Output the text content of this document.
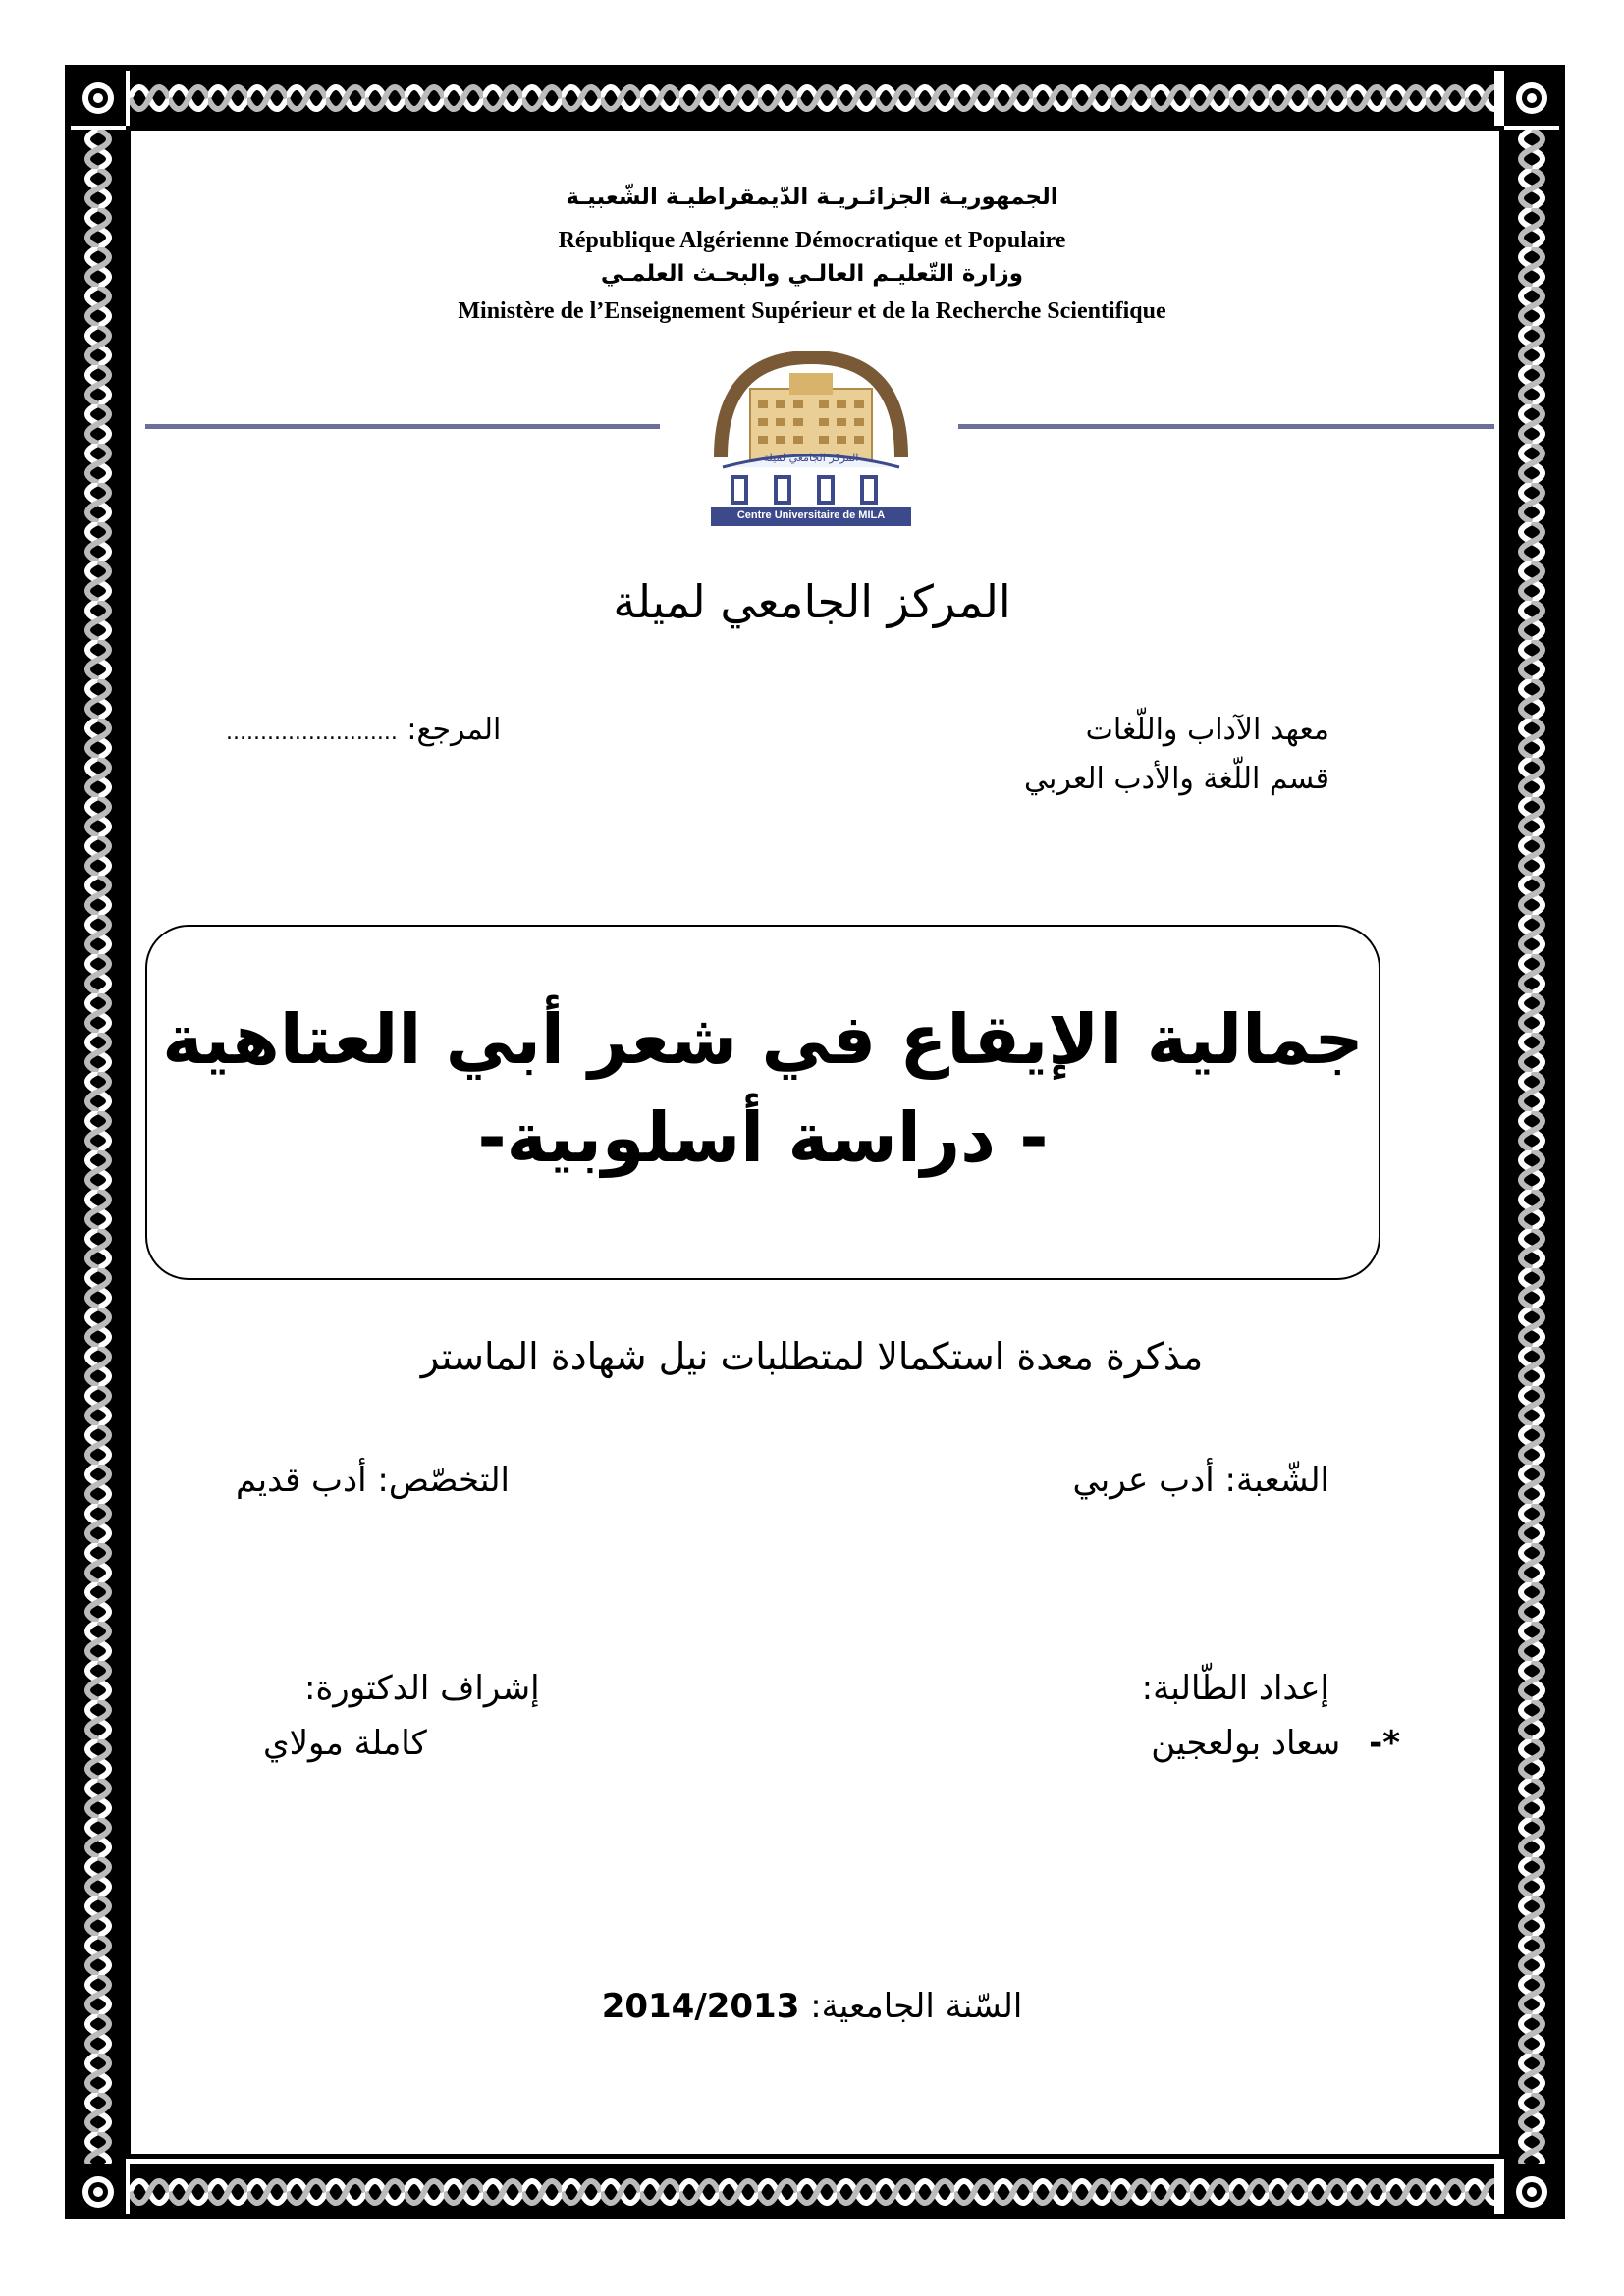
الجمهوريـة الجزائـريـة الدّيمقراطيـة الشّعبيـة
République Algérienne Démocratique et Populaire
وزارة التّعليـم العالـي والبحـث العلمـي
Ministère de l’Enseignement Supérieur et de la Recherche Scientifique
المركز الجامعي لميلة
Centre Universitaire de MILA
المركز الجامعي لميلة
معهد الآداب واللّغات
قسم اللّغة والأدب العربي
المرجع: .........................
جمالية الإيقاع في شعر أبي العتاهية
- دراسة أسلوبية-
مذكرة معدة استكمالا لمتطلبات نيل شهادة الماستر
الشّعبة: أدب عربي
التخصّص: أدب قديم
إعداد الطّالبة:
*- سعاد بولعجين
إشراف الدكتورة:
كاملة مولاي
السّنة الجامعية: 2014/2013
